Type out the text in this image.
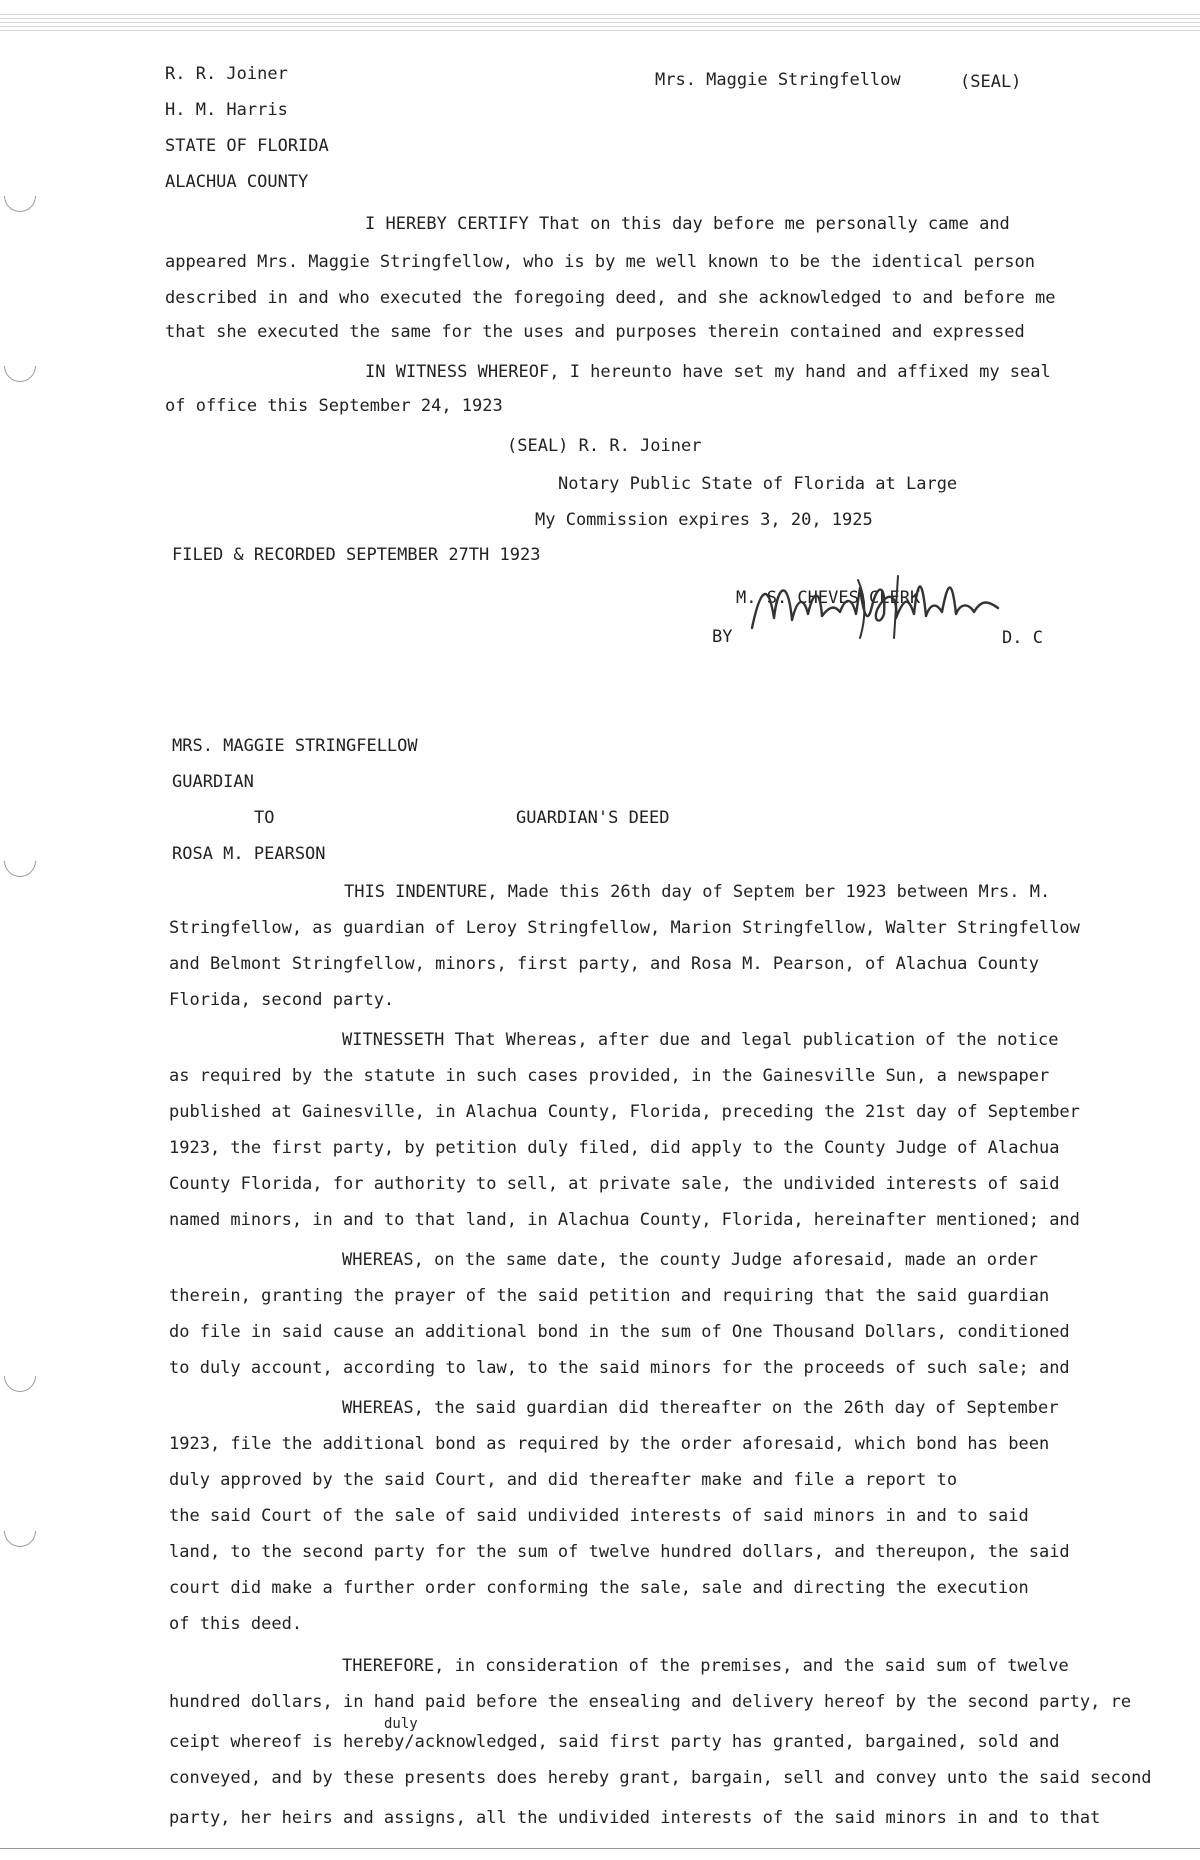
R. R. Joiner	Mrs. Maggie Stringfellow	(SEAL)
H. M. Harris
STATE OF FLORIDA
ALACHUA COUNTY
I HEREBY CERTIFY That on this day before me personally came and
appeared Mrs. Maggie Stringfellow, who is by me well known to be the identical person
described in and who executed the foregoing deed, and she acknowledged to and before me
that she executed the same for the uses and purposes therein contained and expressed
IN WITNESS WHEREOF, I hereunto have set my hand and affixed my seal
of office this September 24, 1923
(SEAL) R. R. Joiner
Notary Public State of Florida at Large
My Commission expires 3, 20, 1925
FILED & RECORDED SEPTEMBER 27TH 1923
M. S. CHEVES CLERK
BY	D. C
MRS. MAGGIE STRINGFELLOW
GUARDIAN
TO	GUARDIAN'S DEED
ROSA M. PEARSON
THIS INDENTURE, Made this 26th day of Septem ber 1923 between Mrs. M.
Stringfellow, as guardian of Leroy Stringfellow, Marion Stringfellow, Walter Stringfellow
and Belmont Stringfellow, minors, first party, and Rosa M. Pearson, of Alachua County
Florida, second party.
WITNESSETH That Whereas, after due and legal publication of the notice
as required by the statute in such cases provided, in the Gainesville Sun, a newspaper
published at Gainesville, in Alachua County, Florida, preceding the 21st day of September
1923, the first party, by petition duly filed, did apply to the County Judge of Alachua
County Florida, for authority to sell, at private sale, the undivided interests of said
named minors, in and to that land, in Alachua County, Florida, hereinafter mentioned; and
WHEREAS, on the same date, the county Judge aforesaid, made an order
therein, granting the prayer of the said petition and requiring that the said guardian
do file in said cause an additional bond in the sum of One Thousand Dollars, conditioned
to duly account, according to law, to the said minors for the proceeds of such sale; and
WHEREAS, the said guardian did thereafter on the 26th day of September
1923, file the additional bond as required by the order aforesaid, which bond has been
duly approved by the said Court, and did thereafter make and file a report to
the said Court of the sale of said undivided interests of said minors in and to said
land, to the second party for the sum of twelve hundred dollars, and thereupon, the said
court did make a further order conforming the sale, sale and directing the execution
of this deed.
THEREFORE, in consideration of the premises, and the said sum of twelve
hundred dollars, in hand paid before the ensealing and delivery hereof by the second party, re
duly
ceipt whereof is hereby/acknowledged, said first party has granted, bargained, sold and
conveyed, and by these presents does hereby grant, bargain, sell and convey unto the said second
party, her heirs and assigns, all the undivided interests of the said minors in and to that
